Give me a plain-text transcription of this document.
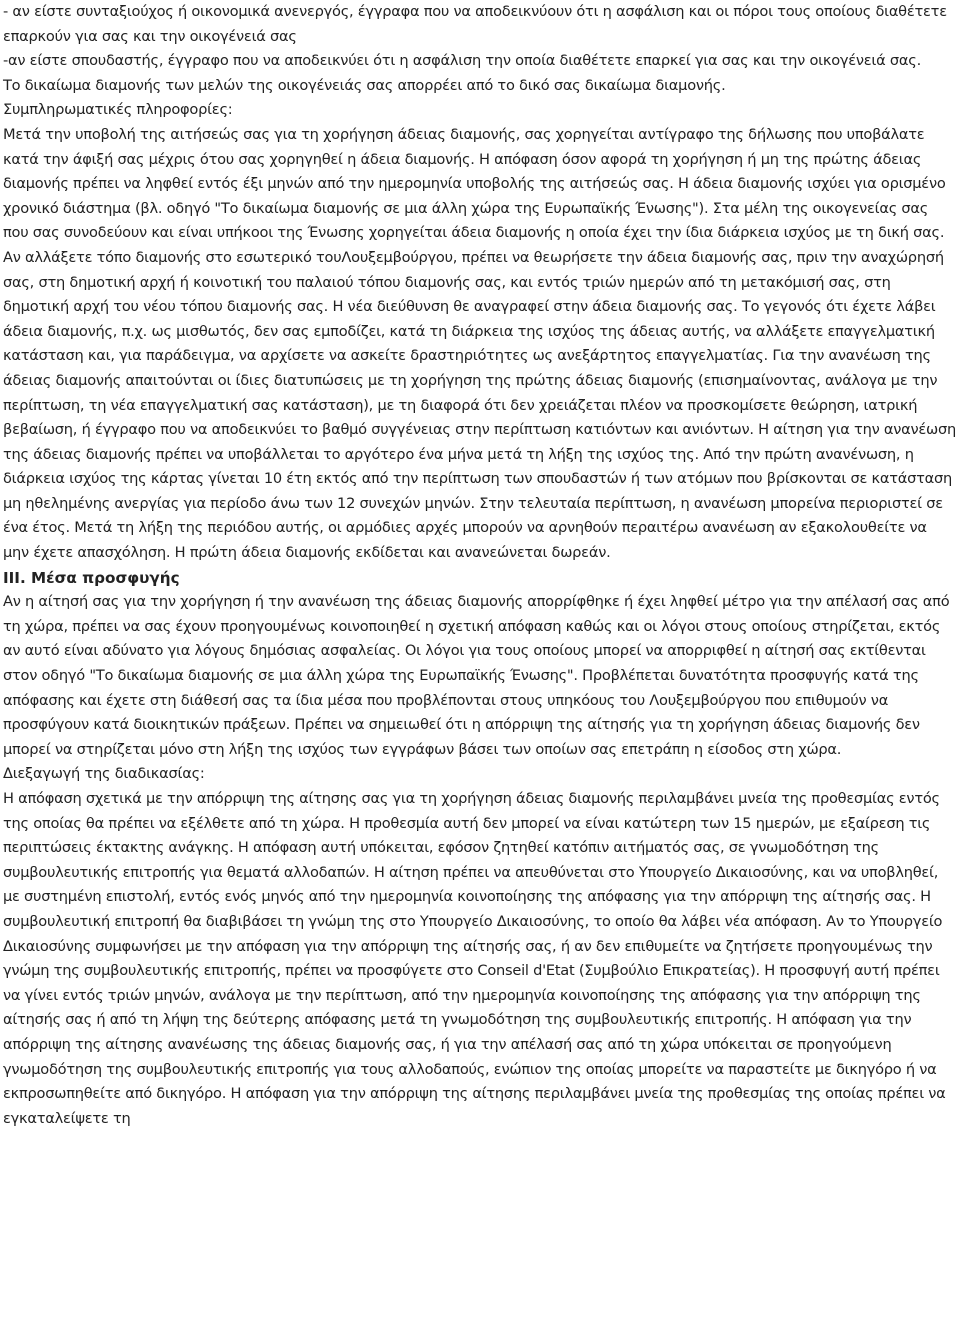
- αν είστε συνταξιούχος ή οικονομικά ανενεργός, έγγραφα που να αποδεικνύουν ότι η ασφάλιση και οι πόροι τους οποίους διαθέτετε επαρκούν για σας και την οικογένειά σας

-αν είστε σπουδαστής, έγγραφο που να αποδεικνύει ότι η ασφάλιση την οποία διαθέτετε επαρκεί για σας και την οικογένειά σας.

Το δικαίωμα διαμονής των μελών της οικογένειάς σας απορρέει από το δικό σας δικαίωμα διαμονής.

Συμπληρωματικές πληροφορίες:

Μετά την υποβολή της αιτήσεώς σας για τη χορήγηση άδειας διαμονής, σας χορηγείται αντίγραφο της δήλωσης που υποβάλατε κατά την άφιξή σας μέχρις ότου σας χορηγηθεί η άδεια διαμονής. Η απόφαση όσον αφορά τη χορήγηση ή μη της πρώτης άδειας διαμονής πρέπει να ληφθεί εντός έξι μηνών από την ημερομηνία υποβολής της αιτήσεώς σας. Η άδεια διαμονής ισχύει για ορισμένο χρονικό διάστημα (βλ. οδηγό "Το δικαίωμα διαμονής σε μια άλλη χώρα της Ευρωπαϊκής Ένωσης"). Στα μέλη της οικογενείας σας που σας συνοδεύουν και είναι υπήκοοι της Ένωσης χορηγείται άδεια διαμονής η οποία έχει την ίδια διάρκεια ισχύος με τη δική σας. Αν αλλάξετε τόπο διαμονής στο εσωτερικό τουΛουξεμβούργου, πρέπει να θεωρήσετε την άδεια διαμονής σας, πριν την αναχώρησή σας, στη δημοτική αρχή ή κοινοτική του παλαιού τόπου διαμονής σας, και εντός τριών ημερών από τη μετακόμισή σας, στη δημοτική αρχή του νέου τόπου διαμονής σας. Η νέα διεύθυνση θε αναγραφεί στην άδεια διαμονής σας. Το γεγονός ότι έχετε λάβει άδεια διαμονής, π.χ. ως μισθωτός, δεν σας εμποδίζει, κατά τη διάρκεια της ισχύος της άδειας αυτής, να αλλάξετε επαγγελματική κατάσταση και, για παράδειγμα, να αρχίσετε να ασκείτε δραστηριότητες ως ανεξάρτητος επαγγελματίας. Για την ανανέωση της άδειας διαμονής απαιτούνται οι ίδιες διατυπώσεις με τη χορήγηση της πρώτης άδειας διαμονής (επισημαίνοντας, ανάλογα με την περίπτωση, τη νέα επαγγελματική σας κατάσταση), με τη διαφορά ότι δεν χρειάζεται πλέον να προσκομίσετε θεώρηση, ιατρική βεβαίωση, ή έγγραφο που να αποδεικνύει το βαθμό συγγένειας στην περίπτωση κατιόντων και ανιόντων. Η αίτηση για την ανανέωση της άδειας διαμονής πρέπει να υποβάλλεται το αργότερο ένα μήνα μετά τη λήξη της ισχύος της. Από την πρώτη ανανένωση, η διάρκεια ισχύος της κάρτας γίνεται 10 έτη εκτός από την περίπτωση των σπουδαστών ή των ατόμων που βρίσκονται σε κατάσταση μη ηθελημένης ανεργίας για περίοδο άνω των 12 συνεχών μηνών. Στην τελευταία περίπτωση, η ανανέωση μπορείνα περιοριστεί σε ένα έτος. Μετά τη λήξη της περιόδου αυτής, οι αρμόδιες αρχές μπορούν να αρνηθούν περαιτέρω ανανέωση αν εξακολουθείτε να μην έχετε απασχόληση. Η πρώτη άδεια διαμονής εκδίδεται και ανανεώνεται δωρεάν.

III. Μέσα προσφυγής

Αν η αίτησή σας για την χορήγηση ή την ανανέωση της άδειας διαμονής απορρίφθηκε ή έχει ληφθεί μέτρο για την απέλασή σας από τη χώρα, πρέπει να σας έχουν προηγουμένως κοινοποιηθεί η σχετική απόφαση καθώς και οι λόγοι στους οποίους στηρίζεται, εκτός αν αυτό είναι αδύνατο για λόγους δημόσιας ασφαλείας. Οι λόγοι για τους οποίους μπορεί να απορριφθεί η αίτησή σας εκτίθενται στον οδηγό "Το δικαίωμα διαμονής σε μια άλλη χώρα της Ευρωπαϊκής Ένωσης". Προβλέπεται δυνατότητα προσφυγής κατά της απόφασης και έχετε στη διάθεσή σας τα ίδια μέσα που προβλέπονται στους υπηκόους του Λουξεμβούργου που επιθυμούν να προσφύγουν κατά διοικητικών πράξεων. Πρέπει να σημειωθεί ότι η απόρριψη της αίτησής για τη χορήγηση άδειας διαμονής δεν μπορεί να στηρίζεται μόνο στη λήξη της ισχύος των εγγράφων βάσει των οποίων σας επετράπη η είσοδος στη χώρα.

Διεξαγωγή της διαδικασίας:

Η απόφαση σχετικά με την απόρριψη της αίτησης σας για τη χορήγηση άδειας διαμονής περιλαμβάνει μνεία της προθεσμίας εντός της οποίας θα πρέπει να εξέλθετε από τη χώρα. Η προθεσμία αυτή δεν μπορεί να είναι κατώτερη των 15 ημερών, με εξαίρεση τις περιπτώσεις έκτακτης ανάγκης. Η απόφαση αυτή υπόκειται, εφόσον ζητηθεί κατόπιν αιτήματός σας, σε γνωμοδότηση της συμβουλευτικής επιτροπής για θεματά αλλοδαπών. Η αίτηση πρέπει να απευθύνεται στο Υπουργείο Δικαιοσύνης, και να υποβληθεί, με συστημένη επιστολή, εντός ενός μηνός από την ημερομηνία κοινοποίησης της απόφασης για την απόρριψη της αίτησής σας. Η συμβουλευτική επιτροπή θα διαβιβάσει τη γνώμη της στο Υπουργείο Δικαιοσύνης, το οποίο θα λάβει νέα απόφαση. Αν το Υπουργείο Δικαιοσύνης συμφωνήσει με την απόφαση για την απόρριψη της αίτησής σας, ή αν δεν επιθυμείτε να ζητήσετε προηγουμένως την γνώμη της συμβουλευτικής επιτροπής, πρέπει να προσφύγετε στο Conseil d'Etat (Συμβούλιο Επικρατείας). Η προσφυγή αυτή πρέπει να γίνει εντός τριών μηνών, ανάλογα με την περίπτωση, από την ημερομηνία κοινοποίησης της απόφασης για την απόρριψη της αίτησής σας ή από τη λήψη της δεύτερης απόφασης μετά τη γνωμοδότηση της συμβουλευτικής επιτροπής. Η απόφαση για την απόρριψη της αίτησης ανανέωσης της άδειας διαμονής σας, ή για την απέλασή σας από τη χώρα υπόκειται σε προηγούμενη γνωμοδότηση της συμβουλευτικής επιτροπής για τους αλλοδαπούς, ενώπιον της οποίας μπορείτε να παραστείτε με δικηγόρο ή να εκπροσωπηθείτε από δικηγόρο. Η απόφαση για την απόρριψη της αίτησης περιλαμβάνει μνεία της προθεσμίας της οποίας πρέπει να εγκαταλείψετε τη
